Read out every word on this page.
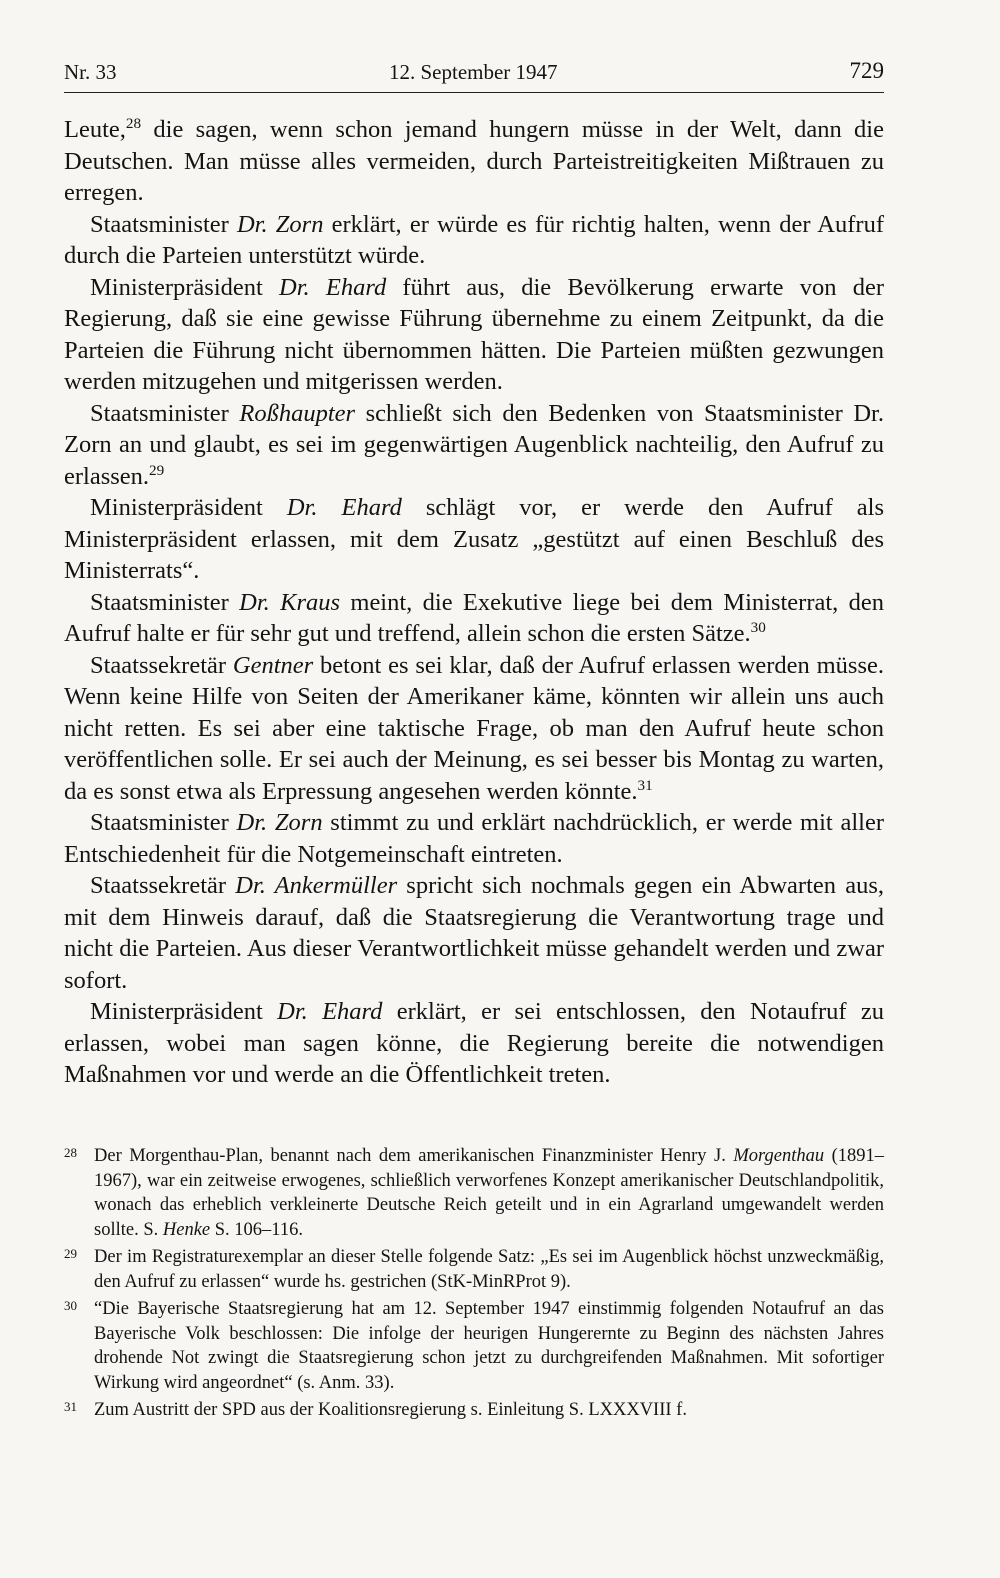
Nr. 33	12. September 1947	729

Leute,$^{28}$ die sagen, wenn schon jemand hungern müsse in der Welt, dann die Deutschen. Man müsse alles vermeiden, durch Parteistreitigkeiten Mißtrauen zu erregen.

Staatsminister Dr. Zorn erklärt, er würde es für richtig halten, wenn der Aufruf durch die Parteien unterstützt würde.

Ministerpräsident Dr. Ehard führt aus, die Bevölkerung erwarte von der Regierung, daß sie eine gewisse Führung übernehme zu einem Zeitpunkt, da die Parteien die Führung nicht übernommen hätten. Die Parteien müßten gezwungen werden mitzugehen und mitgerissen werden.

Staatsminister Roßhaupter schließt sich den Bedenken von Staatsminister Dr. Zorn an und glaubt, es sei im gegenwärtigen Augenblick nachteilig, den Aufruf zu erlassen.$^{29}$

Ministerpräsident Dr. Ehard schlägt vor, er werde den Aufruf als Ministerpräsident erlassen, mit dem Zusatz „gestützt auf einen Beschluß des Ministerrats“.

Staatsminister Dr. Kraus meint, die Exekutive liege bei dem Ministerrat, den Aufruf halte er für sehr gut und treffend, allein schon die ersten Sätze.$^{30}$

Staatssekretär Gentner betont es sei klar, daß der Aufruf erlassen werden müsse. Wenn keine Hilfe von Seiten der Amerikaner käme, könnten wir allein uns auch nicht retten. Es sei aber eine taktische Frage, ob man den Aufruf heute schon veröffentlichen solle. Er sei auch der Meinung, es sei besser bis Montag zu warten, da es sonst etwa als Erpressung angesehen werden könnte.$^{31}$

Staatsminister Dr. Zorn stimmt zu und erklärt nachdrücklich, er werde mit aller Entschiedenheit für die Notgemeinschaft eintreten.

Staatssekretär Dr. Ankermüller spricht sich nochmals gegen ein Abwarten aus, mit dem Hinweis darauf, daß die Staatsregierung die Verantwortung trage und nicht die Parteien. Aus dieser Verantwortlichkeit müsse gehandelt werden und zwar sofort.

Ministerpräsident Dr. Ehard erklärt, er sei entschlossen, den Notaufruf zu erlassen, wobei man sagen könne, die Regierung bereite die notwendigen Maßnahmen vor und werde an die Öffentlichkeit treten.

28 Der Morgenthau-Plan, benannt nach dem amerikanischen Finanzminister Henry J. Morgenthau (1891–1967), war ein zeitweise erwogenes, schließlich verworfenes Konzept amerikanischer Deutschlandpolitik, wonach das erheblich verkleinerte Deutsche Reich geteilt und in ein Agrarland umgewandelt werden sollte. S. Henke S. 106–116.
29 Der im Registraturexemplar an dieser Stelle folgende Satz: „Es sei im Augenblick höchst unzweckmäßig, den Aufruf zu erlassen“ wurde hs. gestrichen (StK-MinRProt 9).
30 “Die Bayerische Staatsregierung hat am 12. September 1947 einstimmig folgenden Notaufruf an das Bayerische Volk beschlossen: Die infolge der heurigen Hungerernte zu Beginn des nächsten Jahres drohende Not zwingt die Staatsregierung schon jetzt zu durchgreifenden Maßnahmen. Mit sofortiger Wirkung wird angeordnet“ (s. Anm. 33).
31 Zum Austritt der SPD aus der Koalitionsregierung s. Einleitung S. LXXXVIII f.
